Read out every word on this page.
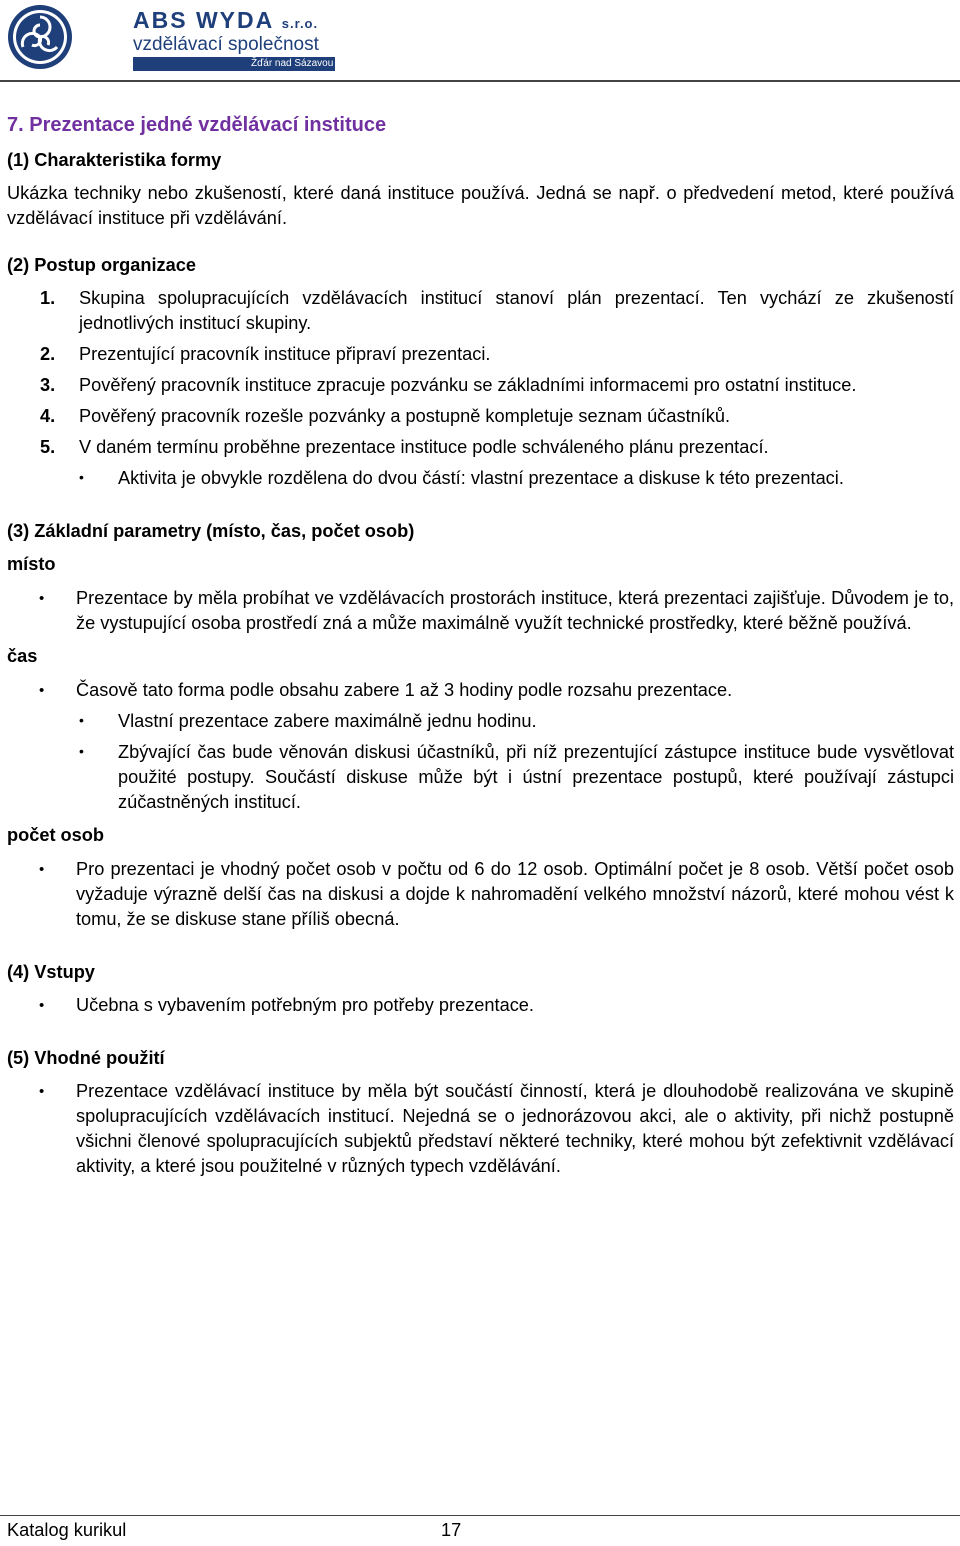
ABS WYDA s.r.o.
vzdělávací společnost
Žďár nad Sázavou
7. Prezentace jedné vzdělávací instituce
(1) Charakteristika formy
Ukázka techniky nebo zkušeností, které daná instituce používá. Jedná se např. o předvedení metod, které používá vzdělávací instituce při vzdělávání.
(2) Postup organizace
1. Skupina spolupracujících vzdělávacích institucí stanoví plán prezentací. Ten vychází ze zkušeností jednotlivých institucí skupiny.
2. Prezentující pracovník instituce připraví prezentaci.
3. Pověřený pracovník instituce zpracuje pozvánku se základními informacemi pro ostatní instituce.
4. Pověřený pracovník rozešle pozvánky a postupně kompletuje seznam účastníků.
5. V daném termínu proběhne prezentace instituce podle schváleného plánu prezentací.
• Aktivita je obvykle rozdělena do dvou částí: vlastní prezentace a diskuse k této prezentaci.
(3) Základní parametry (místo, čas, počet osob)
místo
• Prezentace by měla probíhat ve vzdělávacích prostorách instituce, která prezentaci zajišťuje. Důvodem je to, že vystupující osoba prostředí zná a může maximálně využít technické prostředky, které běžně používá.
čas
• Časově tato forma podle obsahu zabere 1 až 3 hodiny podle rozsahu prezentace.
• Vlastní prezentace zabere maximálně jednu hodinu.
• Zbývající čas bude věnován diskusi účastníků, při níž prezentující zástupce instituce bude vysvětlovat použité postupy. Součástí diskuse může být i ústní prezentace postupů, které používají zástupci zúčastněných institucí.
počet osob
• Pro prezentaci je vhodný počet osob v počtu od 6 do 12 osob. Optimální počet je 8 osob. Větší počet osob vyžaduje výrazně delší čas na diskusi a dojde k nahromadění velkého množství názorů, které mohou vést k tomu, že se diskuse stane příliš obecná.
(4) Vstupy
• Učebna s vybavením potřebným pro potřeby prezentace.
(5) Vhodné použití
• Prezentace vzdělávací instituce by měla být součástí činností, která je dlouhodobě realizována ve skupině spolupracujících vzdělávacích institucí. Nejedná se o jednorázovou akci, ale o aktivity, při nichž postupně všichni členové spolupracujících subjektů představí některé techniky, které mohou být zefektivnit vzdělávací aktivity, a které jsou použitelné v různých typech vzdělávání.
Katalog kurikul	17
